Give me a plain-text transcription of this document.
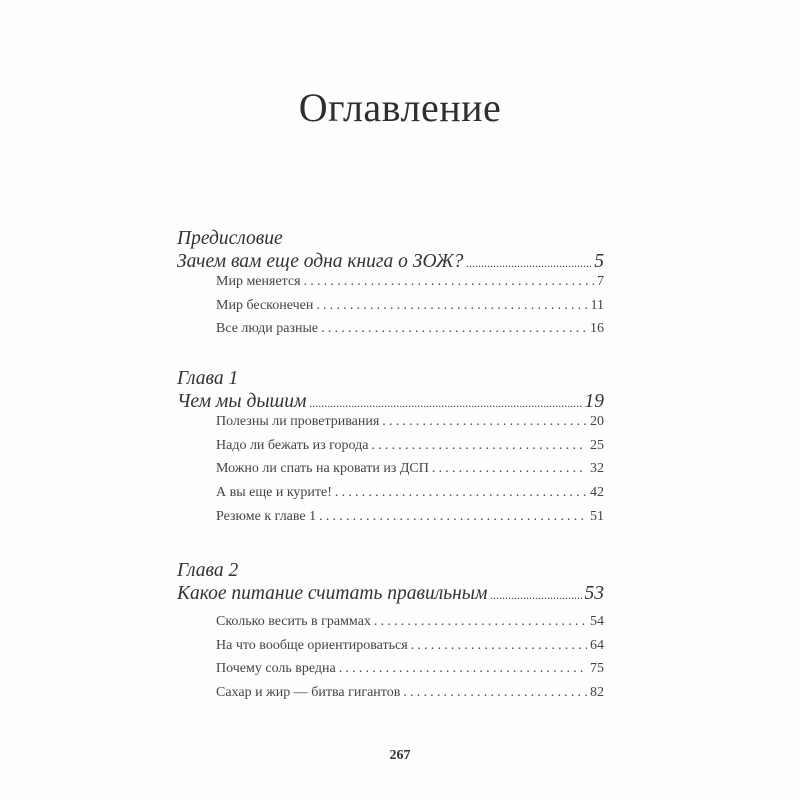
Оглавление
Предисловие
Зачем вам еще одна книга о ЗОЖ? .....	5
Мир меняется .....	7
Мир бесконечен .....	11
Все люди разные .....	16
Глава 1
Чем мы дышим .....	19
Полезны ли проветривания .....	20
Надо ли бежать из города .....	25
Можно ли спать на кровати из ДСП .....	32
А вы еще и курите! .....	42
Резюме к главе 1 .....	51
Глава 2
Какое питание считать правильным .....	53
Сколько весить в граммах .....	54
На что вообще ориентироваться .....	64
Почему соль вредна .....	75
Сахар и жир — битва гигантов .....	82
267
